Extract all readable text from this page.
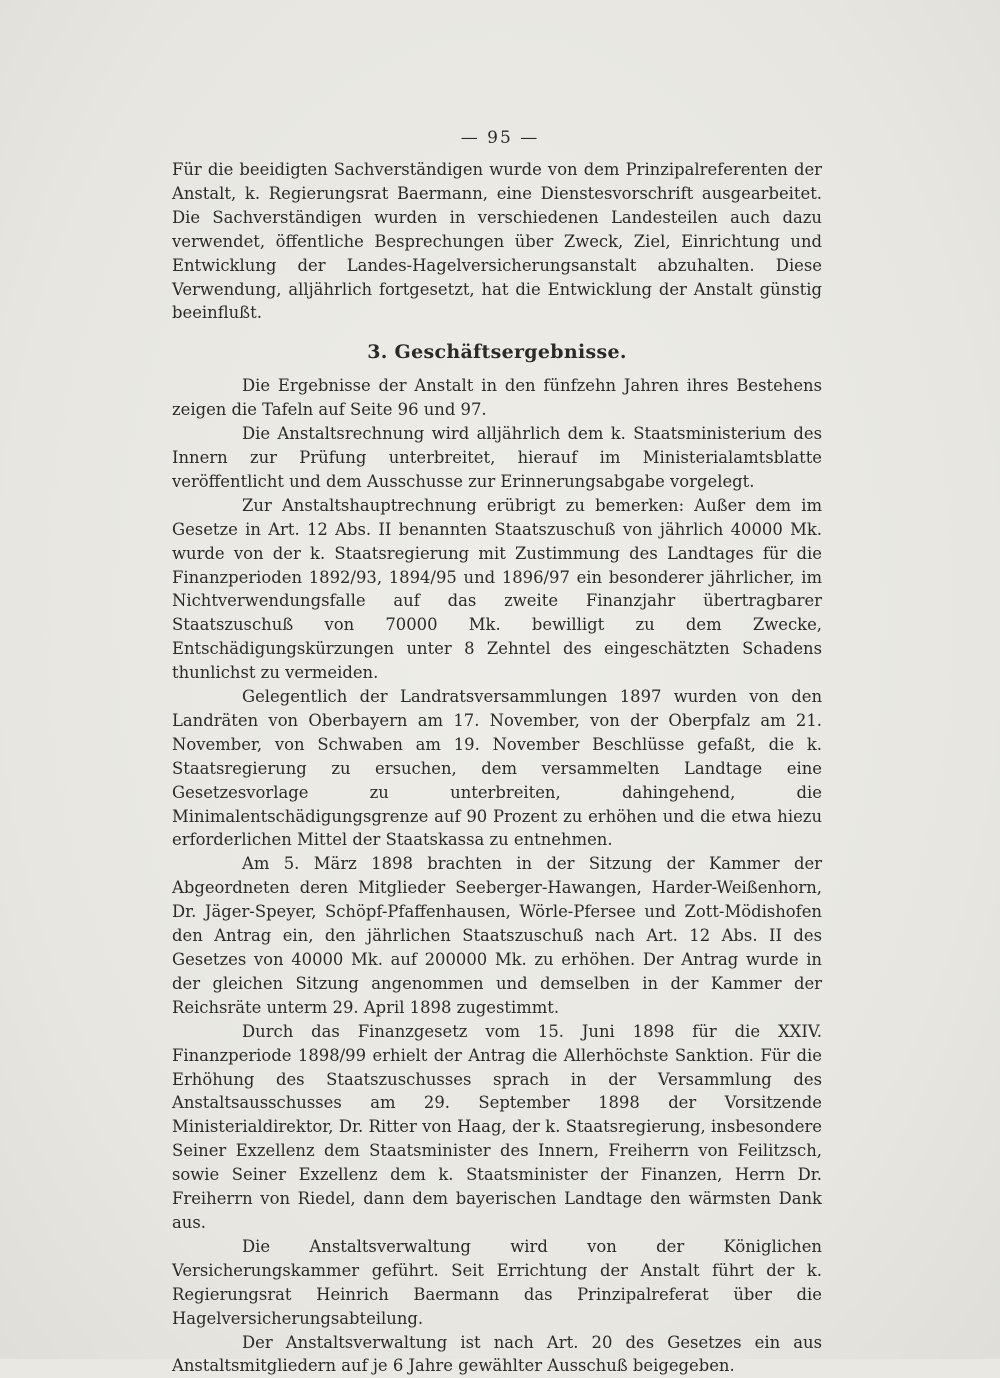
— 95 —

Für die beeidigten Sachverständigen wurde von dem Prinzipalreferenten der Anstalt, k. Regierungsrat Baermann, eine Dienstesvorschrift ausgearbeitet. Die Sachverständigen wurden in verschiedenen Landesteilen auch dazu verwendet, öffentliche Besprechungen über Zweck, Ziel, Einrichtung und Entwicklung der Landes-Hagelversicherungsanstalt abzuhalten. Diese Verwendung, alljährlich fortgesetzt, hat die Entwicklung der Anstalt günstig beeinflußt.

3. Geschäftsergebnisse.

Die Ergebnisse der Anstalt in den fünfzehn Jahren ihres Bestehens zeigen die Tafeln auf Seite 96 und 97.

Die Anstaltsrechnung wird alljährlich dem k. Staatsministerium des Innern zur Prüfung unterbreitet, hierauf im Ministerialamtsblatte veröffentlicht und dem Ausschusse zur Erinnerungsabgabe vorgelegt.

Zur Anstaltshauptrechnung erübrigt zu bemerken: Außer dem im Gesetze in Art. 12 Abs. II benannten Staatszuschuß von jährlich 40000 Mk. wurde von der k. Staatsregierung mit Zustimmung des Landtages für die Finanzperioden 1892/93, 1894/95 und 1896/97 ein besonderer jährlicher, im Nichtverwendungsfalle auf das zweite Finanzjahr übertragbarer Staatszuschuß von 70000 Mk. bewilligt zu dem Zwecke, Entschädigungskürzungen unter 8 Zehntel des eingeschätzten Schadens thunlichst zu vermeiden.

Gelegentlich der Landratsversammlungen 1897 wurden von den Landräten von Oberbayern am 17. November, von der Oberpfalz am 21. November, von Schwaben am 19. November Beschlüsse gefaßt, die k. Staatsregierung zu ersuchen, dem versammelten Landtage eine Gesetzesvorlage zu unterbreiten, dahingehend, die Minimalentschädigungsgrenze auf 90 Prozent zu erhöhen und die etwa hiezu erforderlichen Mittel der Staatskassa zu entnehmen.

Am 5. März 1898 brachten in der Sitzung der Kammer der Abgeordneten deren Mitglieder Seeberger-Hawangen, Harder-Weißenhorn, Dr. Jäger-Speyer, Schöpf-Pfaffenhausen, Wörle-Pfersee und Zott-Mödishofen den Antrag ein, den jährlichen Staatszuschuß nach Art. 12 Abs. II des Gesetzes von 40000 Mk. auf 200000 Mk. zu erhöhen. Der Antrag wurde in der gleichen Sitzung angenommen und demselben in der Kammer der Reichsräte unterm 29. April 1898 zugestimmt.

Durch das Finanzgesetz vom 15. Juni 1898 für die XXIV. Finanzperiode 1898/99 erhielt der Antrag die Allerhöchste Sanktion. Für die Erhöhung des Staatszuschusses sprach in der Versammlung des Anstaltsausschusses am 29. September 1898 der Vorsitzende Ministerialdirektor, Dr. Ritter von Haag, der k. Staatsregierung, insbesondere Seiner Exzellenz dem Staatsminister des Innern, Freiherrn von Feilitzsch, sowie Seiner Exzellenz dem k. Staatsminister der Finanzen, Herrn Dr. Freiherrn von Riedel, dann dem bayerischen Landtage den wärmsten Dank aus.

Die Anstaltsverwaltung wird von der Königlichen Versicherungskammer geführt. Seit Errichtung der Anstalt führt der k. Regierungsrat Heinrich Baermann das Prinzipalreferat über die Hagelversicherungsabteilung.

Der Anstaltsverwaltung ist nach Art. 20 des Gesetzes ein aus Anstaltsmitgliedern auf je 6 Jahre gewählter Ausschuß beigegeben.
